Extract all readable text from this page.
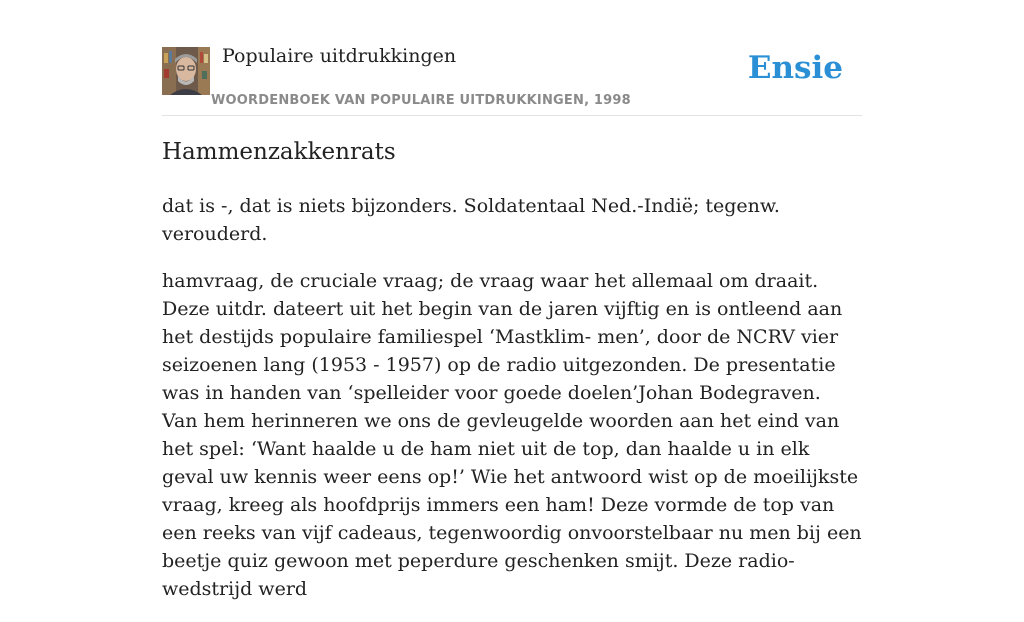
Populaire uitdrukkingen
WOORDENBOEK VAN POPULAIRE UITDRUKKINGEN, 1998
Ensie
Hammenzakkenrats

dat is -, dat is niets bijzonders. Soldatentaal Ned.-Indië; tegenw. verouderd.

hamvraag, de cruciale vraag; de vraag waar het allemaal om draait. Deze uitdr. dateert uit het begin van de jaren vijftig en is ontleend aan het destijds populaire familiespel ‘Mastklim- men’, door de NCRV vier seizoenen lang (1953 - 1957) op de radio uitgezonden. De presentatie was in handen van ‘spelleider voor goede doelen’Johan Bodegraven. Van hem herinneren we ons de gevleugelde woorden aan het eind van het spel: ‘Want haalde u de ham niet uit de top, dan haalde u in elk geval uw kennis weer eens op!’ Wie het antwoord wist op de moeilijkste vraag, kreeg als hoofdprijs immers een ham! Deze vormde de top van een reeks van vijf cadeaus, tegenwoordig onvoorstelbaar nu men bij een beetje quiz gewoon met peperdure geschenken smijt. Deze radio- wedstrijd werd
